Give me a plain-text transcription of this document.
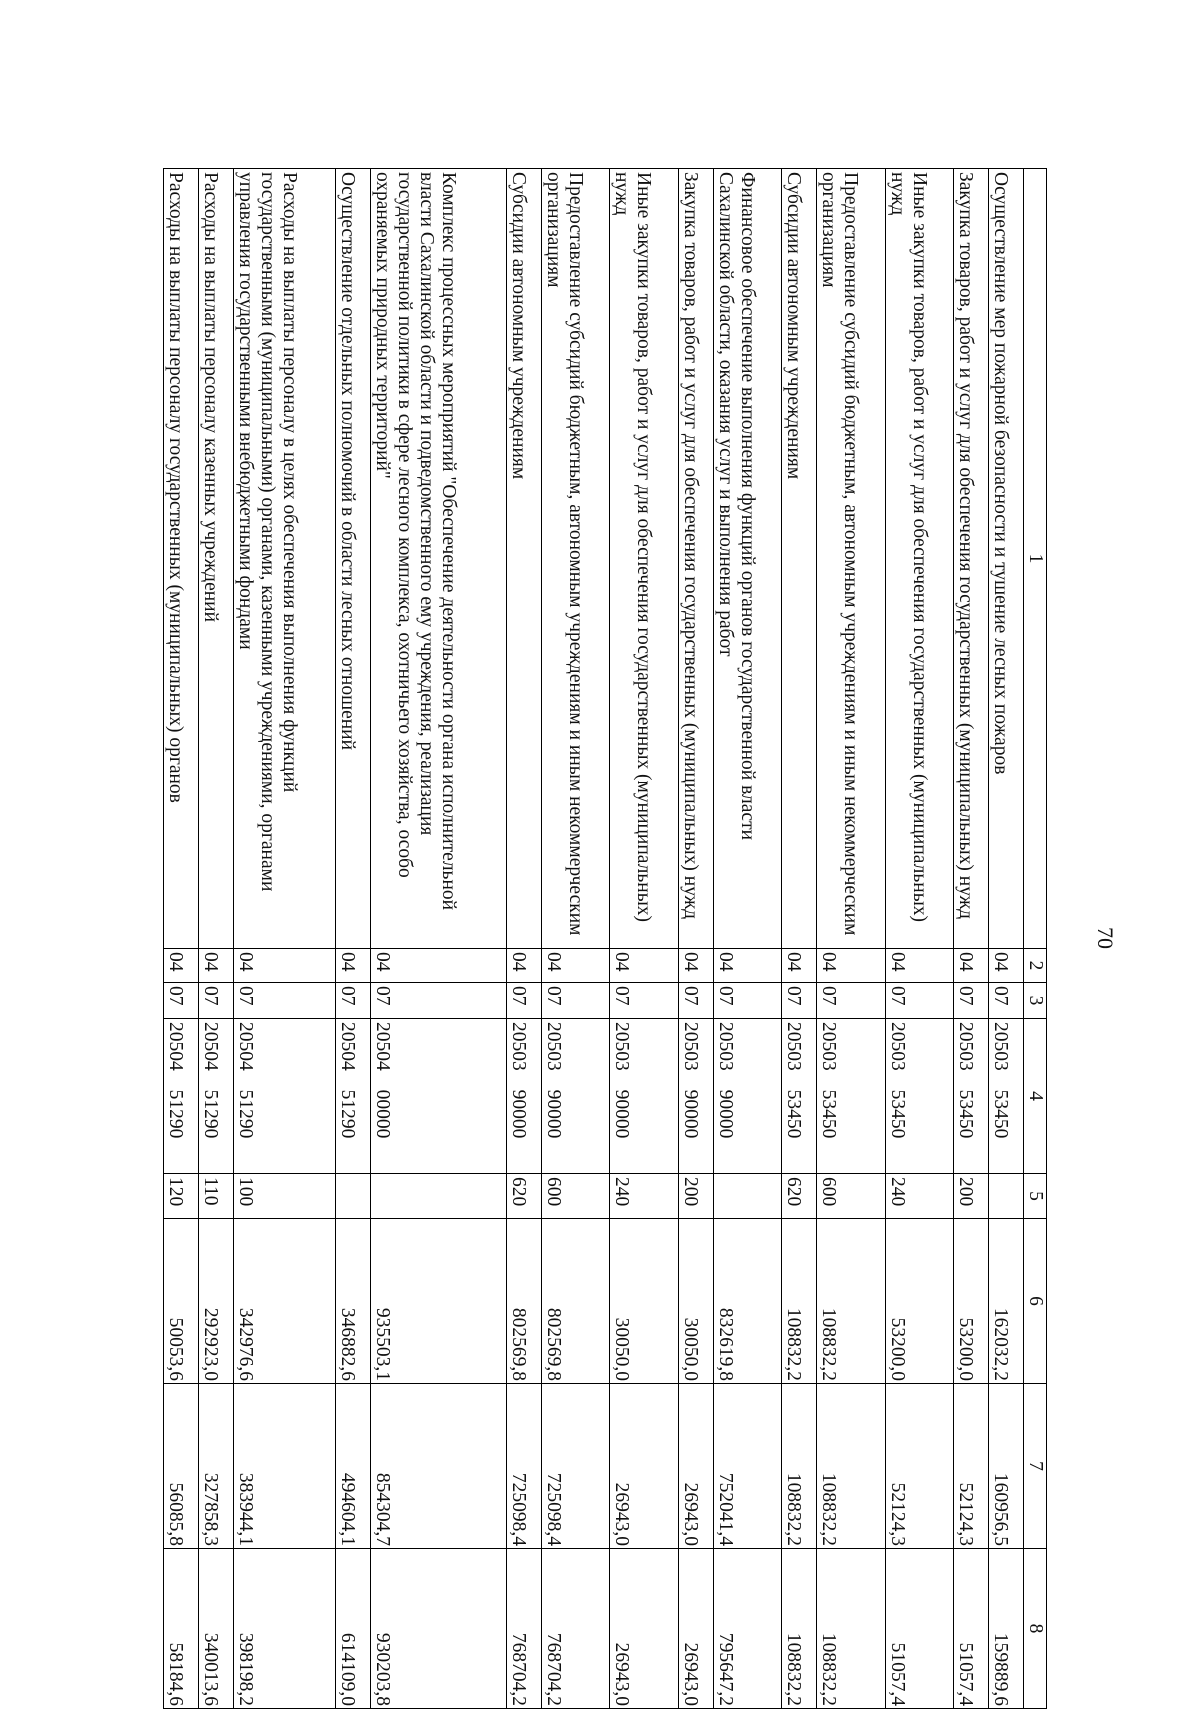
70
1	2	3	4	5	6	7	8
Осуществление мер пожарной безопасности и тушение лесных пожаров	04	07	20503 53450		162032,2	160956,5	159889,6
Закупка товаров, работ и услуг для обеспечения государственных (муниципальных) нужд	04	07	20503 53450	200	53200,0	52124,3	51057,4
Иные закупки товаров, работ и услуг для обеспечения государственных (муниципальных) нужд	04	07	20503 53450	240	53200,0	52124,3	51057,4
Предоставление субсидий бюджетным, автономным учреждениям и иным некоммерческим организациям	04	07	20503 53450	600	108832,2	108832,2	108832,2
Субсидии автономным учреждениям	04	07	20503 53450	620	108832,2	108832,2	108832,2
Финансовое обеспечение выполнения функций органов государственной власти Сахалинской области, оказания услуг и выполнения работ	04	07	20503 90000		832619,8	752041,4	795647,2
Закупка товаров, работ и услуг для обеспечения государственных (муниципальных) нужд	04	07	20503 90000	200	30050,0	26943,0	26943,0
Иные закупки товаров, работ и услуг для обеспечения государственных (муниципальных) нужд	04	07	20503 90000	240	30050,0	26943,0	26943,0
Предоставление субсидий бюджетным, автономным учреждениям и иным некоммерческим организациям	04	07	20503 90000	600	802569,8	725098,4	768704,2
Субсидии автономным учреждениям	04	07	20503 90000	620	802569,8	725098,4	768704,2
Комплекс процессных мероприятий "Обеспечение деятельности органа исполнительной власти Сахалинской области и подведомственного ему учреждения, реализация государственной политики в сфере лесного комплекса, охотничьего хозяйства, особо охраняемых природных территорий"	04	07	20504 00000		935503,1	854304,7	930203,8
Осуществление отдельных полномочий в области лесных отношений	04	07	20504 51290		346882,6	494604,1	614109,0
Расходы на выплаты персоналу в целях обеспечения выполнения функций государственными (муниципальными) органами, казенными учреждениями, органами управления государственными внебюджетными фондами	04	07	20504 51290	100	342976,6	383944,1	398198,2
Расходы на выплаты персоналу казенных учреждений	04	07	20504 51290	110	292923,0	327858,3	340013,6
Расходы на выплаты персоналу государственных (муниципальных) органов	04	07	20504 51290	120	50053,6	56085,8	58184,6
